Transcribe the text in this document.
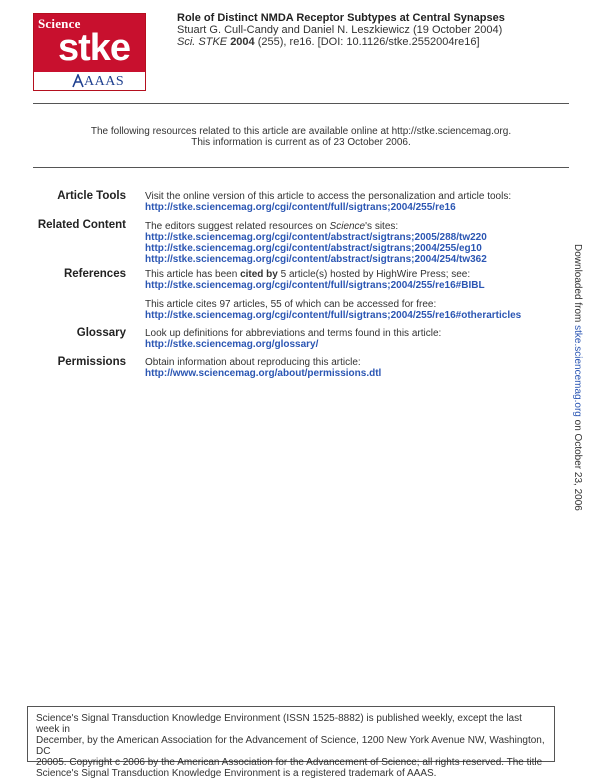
Science
stke
AAAS
Role of Distinct NMDA Receptor Subtypes at Central Synapses
Stuart G. Cull-Candy and Daniel N. Leszkiewicz (19 October 2004)
Sci. STKE 2004 (255), re16. [DOI: 10.1126/stke.2552004re16]
The following resources related to this article are available online at http://stke.sciencemag.org.
This information is current as of 23 October 2006.
Article Tools Visit the online version of this article to access the personalization and article tools:
http://stke.sciencemag.org/cgi/content/full/sigtrans;2004/255/re16
Related Content The editors suggest related resources on Science's sites:
http://stke.sciencemag.org/cgi/content/abstract/sigtrans;2005/288/tw220
http://stke.sciencemag.org/cgi/content/abstract/sigtrans;2004/255/eg10
http://stke.sciencemag.org/cgi/content/abstract/sigtrans;2004/254/tw362
References This article has been cited by 5 article(s) hosted by HighWire Press; see:
http://stke.sciencemag.org/cgi/content/full/sigtrans;2004/255/re16#BIBL
This article cites 97 articles, 55 of which can be accessed for free:
http://stke.sciencemag.org/cgi/content/full/sigtrans;2004/255/re16#otherarticles
Glossary Look up definitions for abbreviations and terms found in this article:
http://stke.sciencemag.org/glossary/
Permissions Obtain information about reproducing this article:
http://www.sciencemag.org/about/permissions.dtl
Downloaded from stke.sciencemag.org on October 23, 2006
Science's Signal Transduction Knowledge Environment (ISSN 1525-8882) is published weekly, except the last week in
December, by the American Association for the Advancement of Science, 1200 New York Avenue NW, Washington, DC
20005. Copyright c 2006 by the American Association for the Advancement of Science; all rights reserved. The title
Science's Signal Transduction Knowledge Environment is a registered trademark of AAAS.
